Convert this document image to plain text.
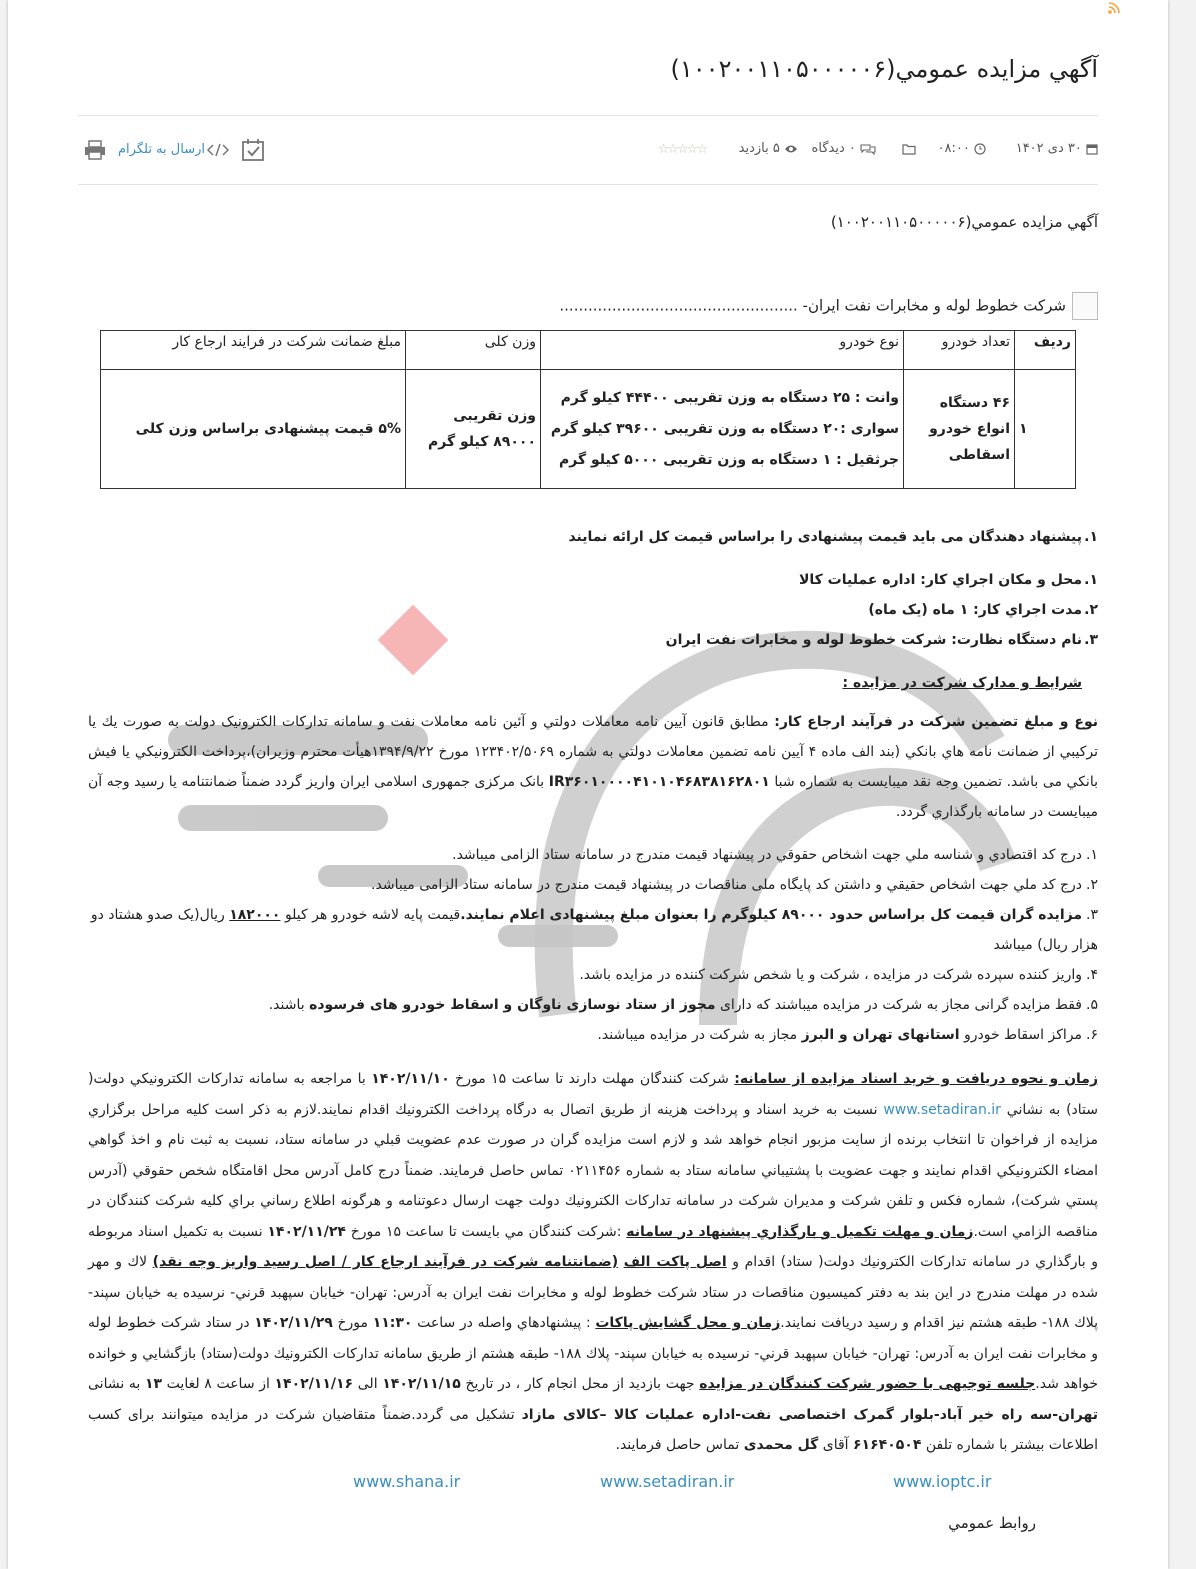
آگهي مزايده عمومي(۱۰۰۲۰۰۱۱۰۵۰۰۰۰۰۶)
۳۰ دی ۱۴۰۲
۰۸:۰۰
۰ دیدگاه
۵ بازدید
☆☆☆☆☆
ارسال به تلگرام
آگهي مزايده عمومي(۱۰۰۲۰۰۱۱۰۵۰۰۰۰۰۶)
شرکت خطوط لوله و مخابرات نفت ايران- ..................................................
ردیف	تعداد خودرو	نوع خودرو	وزن کلی	مبلغ ضمانت شرکت در فرایند ارجاع کار
۱	۴۶ دستگاه انواع خودرو اسقاطی	وانت : ۲۵ دستگاه به وزن تقریبی ۴۴۴۰۰ کیلو گرم
سواری :۲۰ دستگاه به وزن تقریبی ۳۹۶۰۰ کیلو گرم
جرثقیل : ۱ دستگاه به وزن تقریبی ۵۰۰۰ کیلو گرم	وزن تقریبی ۸۹۰۰۰ کیلو گرم	۵% قیمت پیشنهادی براساس وزن کلی
۱.پیشنهاد دهندگان می باید قیمت پیشنهادی را براساس قیمت کل ارائه نمایند

۱.محل و مكان اجراي كار: اداره عملیات کالا

۲.مدت اجراي كار: ۱ ماه (یک ماه)

۳.نام دستگاه نظارت: شرکت خطوط لوله و مخابرات نفت ایران

شرایط و مدارک شرکت در مزایده :
نوع و مبلغ تضمین شرکت در فرآیند ارجاع کار: مطابق قانون آيين نامه معاملات دولتي و آئين نامه معاملات نفت و سامانه تدارکات الکترونيک دولت به صورت يك يا تركيبي از ضمانت نامه هاي بانكي (بند الف ماده ۴ آيين نامه تضمين معاملات دولتي به شماره ۱۲۳۴۰۲/۵۰۶۹ مورخ ۱۳۹۴/۹/۲۲هيأت محترم وزيران)،پرداخت الکترونيکي يا فيش بانكي می باشد. تضمين وجه نقد ميبايست به شماره شبا IR۳۶۰۱۰۰۰۰۴۱۰۱۰۴۶۸۳۸۱۶۲۸۰۱ بانک مرکزی جمهوری اسلامی ایران واريز گردد ضمناً ضمانتنامه يا رسيد وجه آن ميبايست در سامانه بارگذاري گردد.

۱.درج كد اقتصادي و شناسه ملي جهت اشخاص حقوقي در پيشنهاد قيمت مندرج در سامانه ستاد الزامی ميباشد.

۲.درج كد ملي جهت اشخاص حقيقي و داشتن کد پایگاه ملی مناقصات در پيشنهاد قيمت مندرج در سامانه ستاد الزامی ميباشد.

۳.مزایده گران قیمت کل براساس حدود ۸۹۰۰۰ کیلوگرم را بعنوان مبلغ پیشنهادی اعلام نمایند.قیمت پایه لاشه خودرو هر کیلو ۱۸۲۰۰۰ ریال(یک صدو هشتاد دو هزار ریال) میباشد

۴.واریز کننده سپرده شرکت در مزایده ، شرکت و یا شخص شرکت کننده در مزایده باشد.

۵.فقط مزایده گرانی مجاز به شرکت در مزایده میباشند که دارای مجوز از ستاد نوسازی ناوگان و اسقاط خودرو های فرسوده باشند.

۶.مراکز اسقاط خودرو استانهای تهران و البرز مجاز به شرکت در مزایده میباشند.

زمان و نحوه دريافت و خريد اسناد مزايده از سامانه: شركت كنندگان مهلت دارند تا ساعت ۱۵ مورخ ۱۴۰۲/۱۱/۱۰ با مراجعه به سامانه تداركات الكترونيكي دولت( ستاد) به نشاني www.setadiran.ir نسبت به خريد اسناد و پرداخت هزينه از طريق اتصال به درگاه پرداخت الكترونيك اقدام نمايند.لازم به ذکر است کلیه مراحل برگزاري مزايده از فراخوان تا انتخاب برنده از سایت مزبور انجام خواهد شد و لازم است مزایده گران در صورت عدم عضويت قبلي در سامانه ستاد، نسبت به ثبت نام و اخذ گواهي امضاء الكترونيكي اقدام نمايند و جهت عضويت با پشتيباني سامانه ستاد به شماره ۰۲۱۱۴۵۶ تماس حاصل فرمايند. ضمناً درج كامل آدرس محل اقامتگاه شخص حقوقي (آدرس پستي شركت)، شماره فكس و تلفن شركت و مديران شركت در سامانه تداركات الكترونيك دولت جهت ارسال دعوتنامه و هرگونه اطلاع رساني براي كليه شركت كنندگان در مناقصه الزامي است.زمان و مهلت تكميل و بارگذاري پيشنهاد در سامانه :شركت كنندگان مي بايست تا ساعت ۱۵ مورخ ۱۴۰۲/۱۱/۲۴ نسبت به تكميل اسناد مربوطه و بارگذاري در سامانه تداركات الكترونيك دولت( ستاد) اقدام و اصل پاکت الف (ضمانتنامه شرکت در فرآیند ارجاع کار / اصل رسید واریز وجه نقد) لاك و مهر شده در مهلت مندرج در اين بند به دفتر كميسيون مناقصات در ستاد شركت خطوط لوله و مخابرات نفت ايران به آدرس: تهران- خيابان سپهبد قرني- نرسيده به خيابان سپند- پلاك ۱۸۸- طبقه هشتم نيز اقدام و رسيد دريافت نمايند.زمان و محل گشايش پاكات : پيشنهادهاي واصله در ساعت ۱۱:۳۰ مورخ ۱۴۰۲/۱۱/۲۹ در ستاد شرکت خطوط لوله و مخابرات نفت ايران به آدرس: تهران- خيابان سپهبد قرني- نرسيده به خيابان سپند- پلاك ۱۸۸- طبقه هشتم از طريق سامانه تداركات الكترونيك دولت(ستاد) بازگشايي و خوانده خواهد شد.جلسه توجیهی با حضور شرکت کنندگان در مزایده جهت بازدید از محل انجام کار ، در تاریخ ۱۴۰۲/۱۱/۱۵ الی ۱۴۰۲/۱۱/۱۶ از ساعت ۸ لغایت ۱۳ به نشانی تهران-سه راه خیر آباد-بلوار گمرک اختصاصی نفت-اداره عملیات کالا –کالای مازاد تشکیل می گردد.ضمناً متقاضیان شرکت در مزایده میتوانند برای کسب اطلاعات بیشتر با شماره تلفن ۶۱۶۴۰۵۰۴ آقای گل محمدی تماس حاصل فرمایند.
www.shana.ir	www.setadiran.ir	www.ioptc.ir
روابط عمومي
